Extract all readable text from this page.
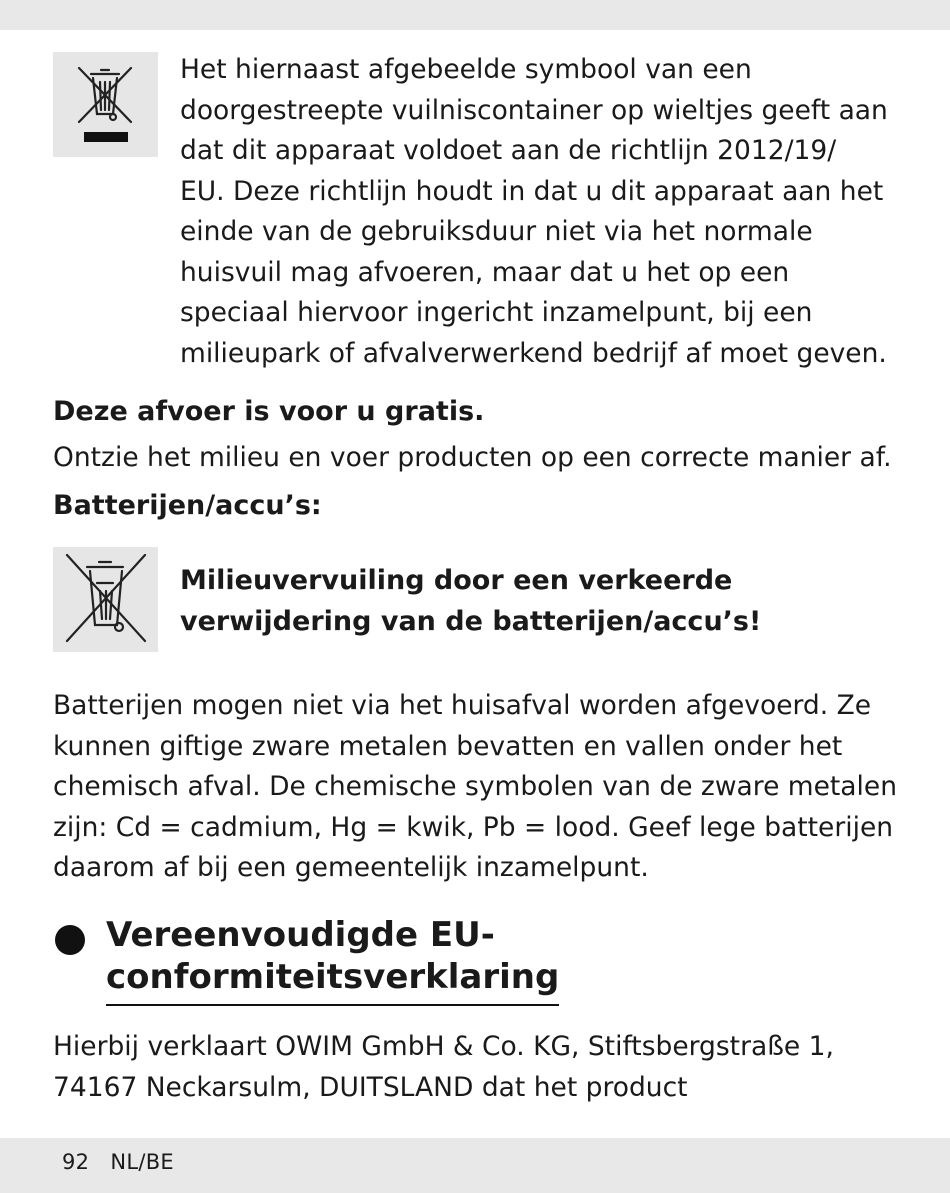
Het hiernaast afgebeelde symbool van een
doorgestreepte vuilniscontainer op wieltjes geeft aan
dat dit apparaat voldoet aan de richtlijn 2012/19/
EU. Deze richtlijn houdt in dat u dit apparaat aan het
einde van de gebruiksduur niet via het normale
huisvuil mag afvoeren, maar dat u het op een
speciaal hiervoor ingericht inzamelpunt, bij een
milieupark of afvalverwerkend bedrijf af moet geven.
Deze afvoer is voor u gratis.
Ontzie het milieu en voer producten op een correcte manier af.
Batterijen/accu’s:
Milieuvervuiling door een verkeerde
verwijdering van de batterijen/accu’s!
Batterijen mogen niet via het huisafval worden afgevoerd. Ze
kunnen giftige zware metalen bevatten en vallen onder het
chemisch afval. De chemische symbolen van de zware metalen
zijn: Cd = cadmium, Hg = kwik, Pb = lood. Geef lege batterijen
daarom af bij een gemeentelijk inzamelpunt.
Vereenvoudigde EU-
conformiteitsverklaring
Hierbij verklaart OWIM GmbH & Co. KG, Stiftsbergstraße 1,
74167 Neckarsulm, DUITSLAND dat het product
92 NL/BE
